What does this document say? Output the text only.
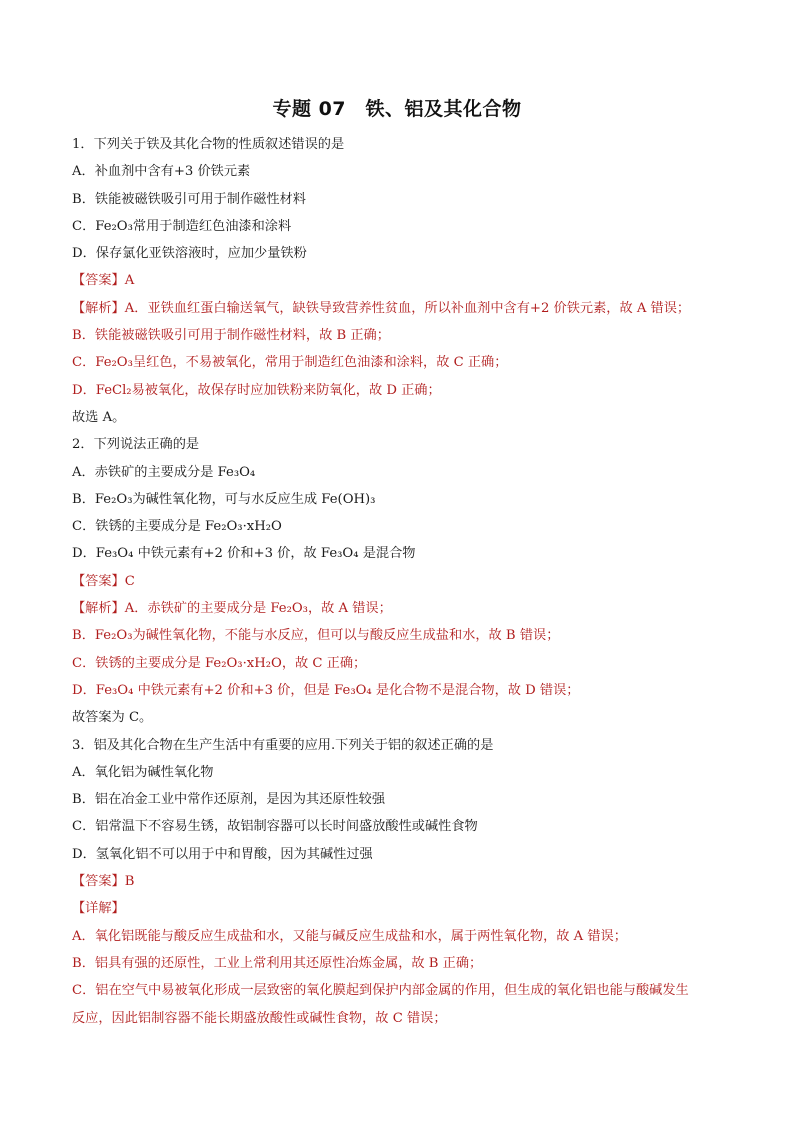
专题 07　铁、铝及其化合物

1．下列关于铁及其化合物的性质叙述错误的是

A．补血剂中含有+3 价铁元素

B．铁能被磁铁吸引可用于制作磁性材料

C．Fe₂O₃常用于制造红色油漆和涂料

D．保存氯化亚铁溶液时，应加少量铁粉

【答案】A

【解析】A．亚铁血红蛋白输送氧气，缺铁导致营养性贫血，所以补血剂中含有+2 价铁元素，故 A 错误；

B．铁能被磁铁吸引可用于制作磁性材料，故 B 正确；

C．Fe₂O₃呈红色，不易被氧化，常用于制造红色油漆和涂料，故 C 正确；

D．FeCl₂易被氧化，故保存时应加铁粉来防氧化，故 D 正确；

故选 A。

2．下列说法正确的是

A．赤铁矿的主要成分是 Fe₃O₄

B．Fe₂O₃为碱性氧化物，可与水反应生成 Fe(OH)₃

C．铁锈的主要成分是 Fe₂O₃·xH₂O

D．Fe₃O₄ 中铁元素有+2 价和+3 价，故 Fe₃O₄ 是混合物

【答案】C

【解析】A．赤铁矿的主要成分是 Fe₂O₃，故 A 错误；

B．Fe₂O₃为碱性氧化物，不能与水反应，但可以与酸反应生成盐和水，故 B 错误；

C．铁锈的主要成分是 Fe₂O₃·xH₂O，故 C 正确；

D．Fe₃O₄ 中铁元素有+2 价和+3 价，但是 Fe₃O₄ 是化合物不是混合物，故 D 错误；

故答案为 C。

3．铝及其化合物在生产生活中有重要的应用.下列关于铝的叙述正确的是

A．氧化铝为碱性氧化物

B．铝在冶金工业中常作还原剂，是因为其还原性较强

C．铝常温下不容易生锈，故铝制容器可以长时间盛放酸性或碱性食物

D．氢氧化铝不可以用于中和胃酸，因为其碱性过强

【答案】B

【详解】

A．氧化铝既能与酸反应生成盐和水，又能与碱反应生成盐和水，属于两性氧化物，故 A 错误；

B．铝具有强的还原性，工业上常利用其还原性冶炼金属，故 B 正确；

C．铝在空气中易被氧化形成一层致密的氧化膜起到保护内部金属的作用，但生成的氧化铝也能与酸碱发生

反应，因此铝制容器不能长期盛放酸性或碱性食物，故 C 错误；
